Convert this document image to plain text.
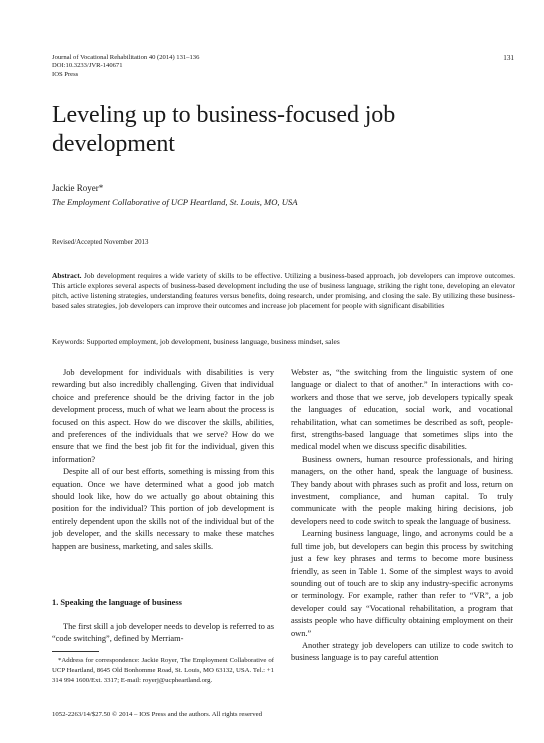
Journal of Vocational Rehabilitation 40 (2014) 131–136
DOI:10.3233/JVR-140671
IOS Press
131
Leveling up to business-focused job development
Jackie Royer*
The Employment Collaborative of UCP Heartland, St. Louis, MO, USA
Revised/Accepted November 2013

Abstract. Job development requires a wide variety of skills to be effective. Utilizing a business-based approach, job developers can improve outcomes. This article explores several aspects of business-based development including the use of business language, striking the right tone, developing an elevator pitch, active listening strategies, understanding features versus benefits, doing research, under promising, and closing the sale. By utilizing these business-based sales strategies, job developers can improve their outcomes and increase job placement for people with significant disabilities

Keywords: Supported employment, job development, business language, business mindset, sales

Job development for individuals with disabilities is very rewarding but also incredibly challenging. Given that individual choice and preference should be the driving factor in the job development process, much of what we learn about the process is focused on this aspect. How do we discover the skills, abilities, and preferences of the individuals that we serve? How do we ensure that we find the best job fit for the individual, given this information?

Despite all of our best efforts, something is missing from this equation. Once we have determined what a good job match should look like, how do we actually go about obtaining this position for the individual? This portion of job development is entirely dependent upon the skills not of the individual but of the job developer, and the skills necessary to make these matches happen are business, marketing, and sales skills.

1. Speaking the language of business

The first skill a job developer needs to develop is referred to as “code switching”, defined by Merriam-

*Address for correspondence: Jackie Royer, The Employment Collaborative of UCP Heartland, 8645 Old Bonhomme Road, St. Louis, MO 63132, USA. Tel.: +1 314 994 1600/Ext. 3317; E-mail: royerj@ucpheartland.org.

Webster as, “the switching from the linguistic system of one language or dialect to that of another.” In interactions with co-workers and those that we serve, job developers typically speak the languages of education, social work, and vocational rehabilitation, what can sometimes be described as soft, people-first, strengths-based language that sometimes slips into the medical model when we discuss specific disabilities.

Business owners, human resource professionals, and hiring managers, on the other hand, speak the language of business. They bandy about with phrases such as profit and loss, return on investment, compliance, and human capital. To truly communicate with the people making hiring decisions, job developers need to code switch to speak the language of business.

Learning business language, lingo, and acronyms could be a full time job, but developers can begin this process by switching just a few key phrases and terms to become more business friendly, as seen in Table 1. Some of the simplest ways to avoid sounding out of touch are to skip any industry-specific acronyms or terminology. For example, rather than refer to “VR”, a job developer could say “Vocational rehabilitation, a program that assists people who have difficulty obtaining employment on their own.”

Another strategy job developers can utilize to code switch to business language is to pay careful attention

1052-2263/14/$27.50 © 2014 – IOS Press and the authors. All rights reserved
